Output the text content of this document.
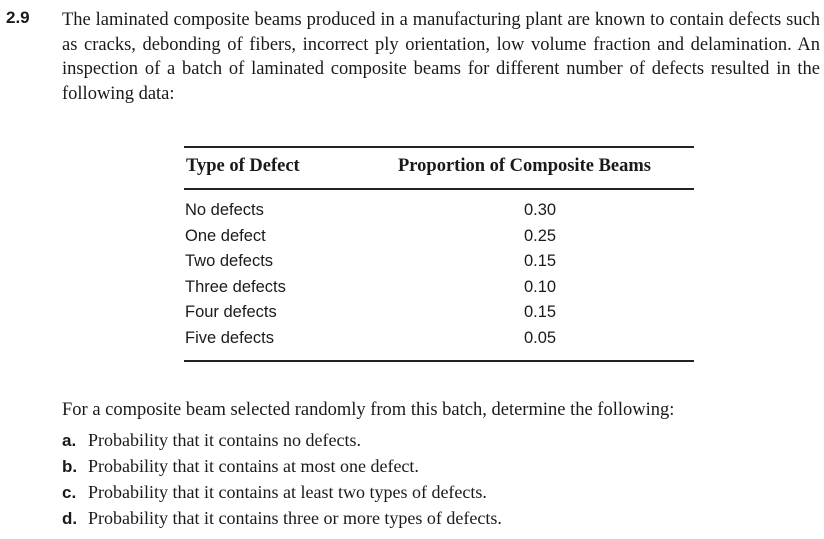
2.9 The laminated composite beams produced in a manufacturing plant are known to contain defects such as cracks, debonding of fibers, incorrect ply orientation, low volume fraction and delamination. An inspection of a batch of laminated composite beams for different number of defects resulted in the following data:
Type of Defect	Proportion of Composite Beams
No defects	0.30
One defect	0.25
Two defects	0.15
Three defects	0.10
Four defects	0.15
Five defects	0.05
For a composite beam selected randomly from this batch, determine the following:
a. Probability that it contains no defects.
b. Probability that it contains at most one defect.
c. Probability that it contains at least two types of defects.
d. Probability that it contains three or more types of defects.
